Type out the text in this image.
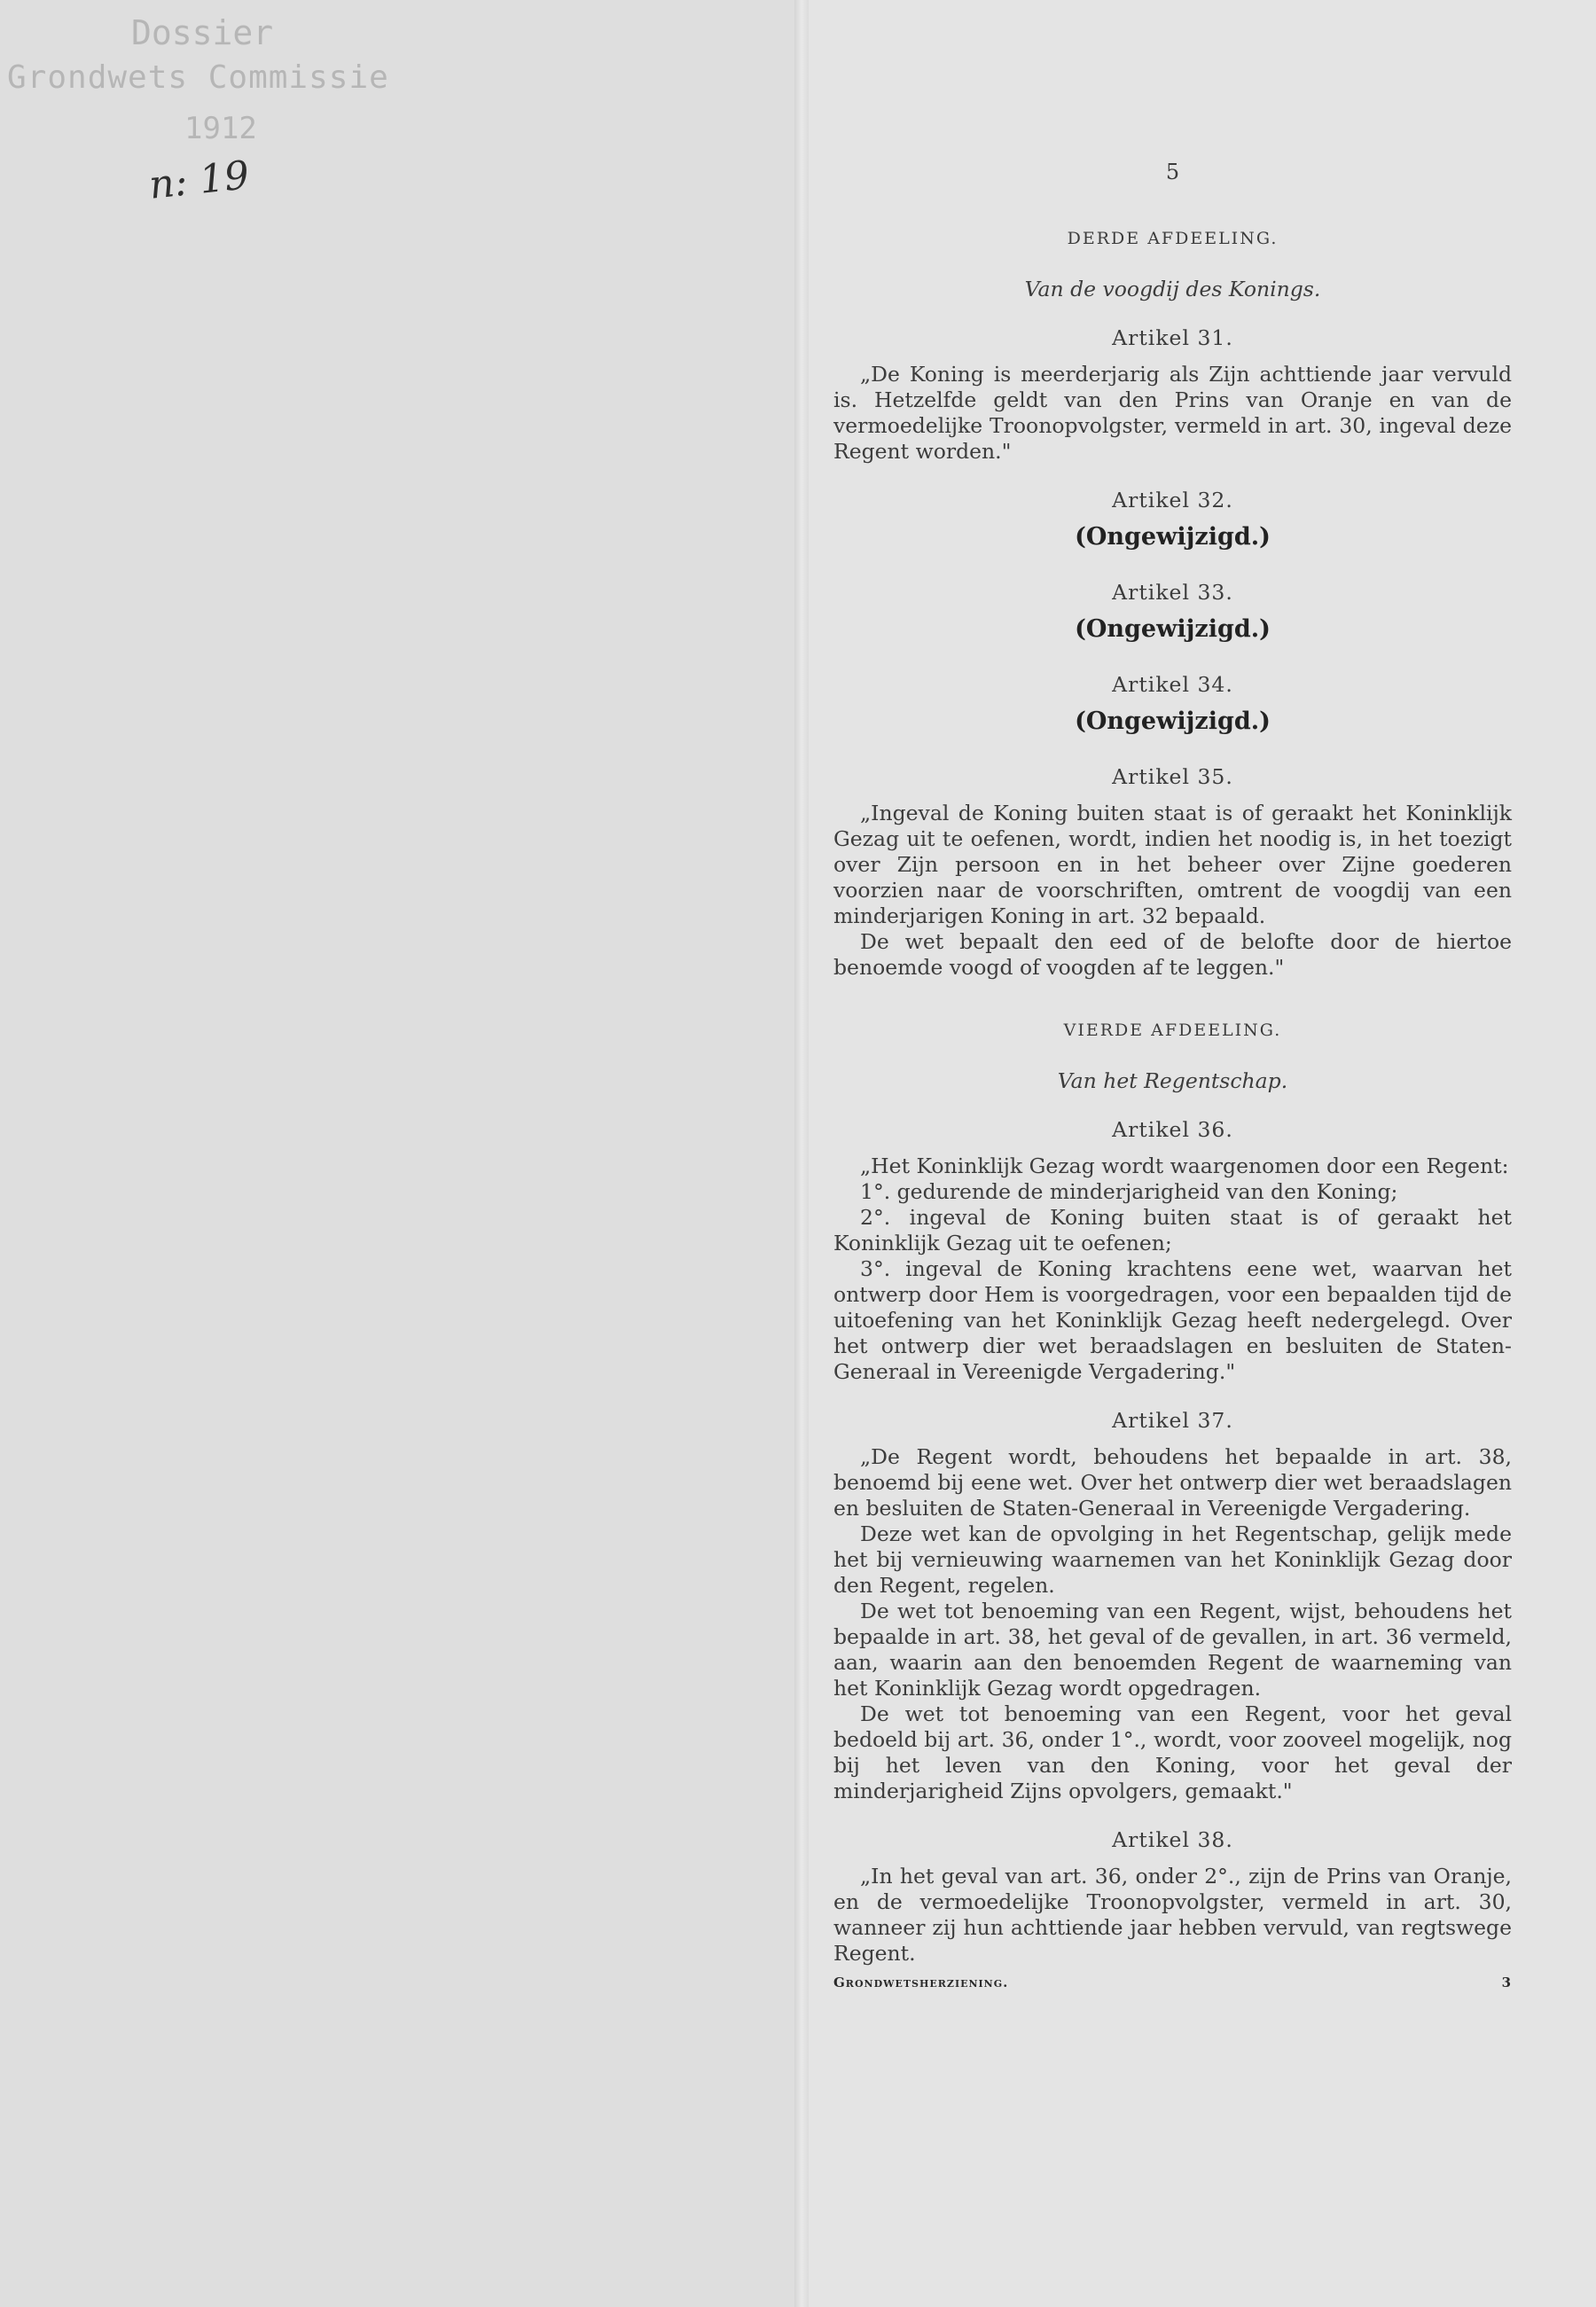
Dossier
Grondwets Commissie
1912
n: 19	5
DERDE AFDEELING.
Van de voogdij des Konings.
Artikel 31.

„De Koning is meerderjarig als Zijn achttiende jaar vervuld is. Hetzelfde geldt van den Prins van Oranje en van de vermoedelijke Troonopvolgster, vermeld in art. 30, ingeval deze Regent worden."

Artikel 32.
(Ongewijzigd.)
Artikel 33.
(Ongewijzigd.)
Artikel 34.
(Ongewijzigd.)
Artikel 35.

„Ingeval de Koning buiten staat is of geraakt het Koninklijk Gezag uit te oefenen, wordt, indien het noodig is, in het toezigt over Zijn persoon en in het beheer over Zijne goederen voorzien naar de voorschriften, omtrent de voogdij van een minderjarigen Koning in art. 32 bepaald.

De wet bepaalt den eed of de belofte door de hiertoe benoemde voogd of voogden af te leggen."

VIERDE AFDEELING.
Van het Regentschap.
Artikel 36.

„Het Koninklijk Gezag wordt waargenomen door een Regent:

1°. gedurende de minderjarigheid van den Koning;

2°. ingeval de Koning buiten staat is of geraakt het Koninklijk Gezag uit te oefenen;

3°. ingeval de Koning krachtens eene wet, waarvan het ontwerp door Hem is voorgedragen, voor een bepaalden tijd de uitoefening van het Koninklijk Gezag heeft nedergelegd. Over het ontwerp dier wet beraadslagen en besluiten de Staten-Generaal in Vereenigde Vergadering."

Artikel 37.

„De Regent wordt, behoudens het bepaalde in art. 38, benoemd bij eene wet. Over het ontwerp dier wet beraadslagen en besluiten de Staten-Generaal in Vereenigde Vergadering.

Deze wet kan de opvolging in het Regentschap, gelijk mede het bij vernieuwing waarnemen van het Koninklijk Gezag door den Regent, regelen.

De wet tot benoeming van een Regent, wijst, behoudens het bepaalde in art. 38, het geval of de gevallen, in art. 36 vermeld, aan, waarin aan den benoemden Regent de waarneming van het Koninklijk Gezag wordt opgedragen.

De wet tot benoeming van een Regent, voor het geval bedoeld bij art. 36, onder 1°., wordt, voor zooveel mogelijk, nog bij het leven van den Koning, voor het geval der minderjarigheid Zijns opvolgers, gemaakt."

Artikel 38.

„In het geval van art. 36, onder 2°., zijn de Prins van Oranje, en de vermoedelijke Troonopvolgster, vermeld in art. 30, wanneer zij hun achttiende jaar hebben vervuld, van regtswege Regent.

Grondwetsherziening.	3
